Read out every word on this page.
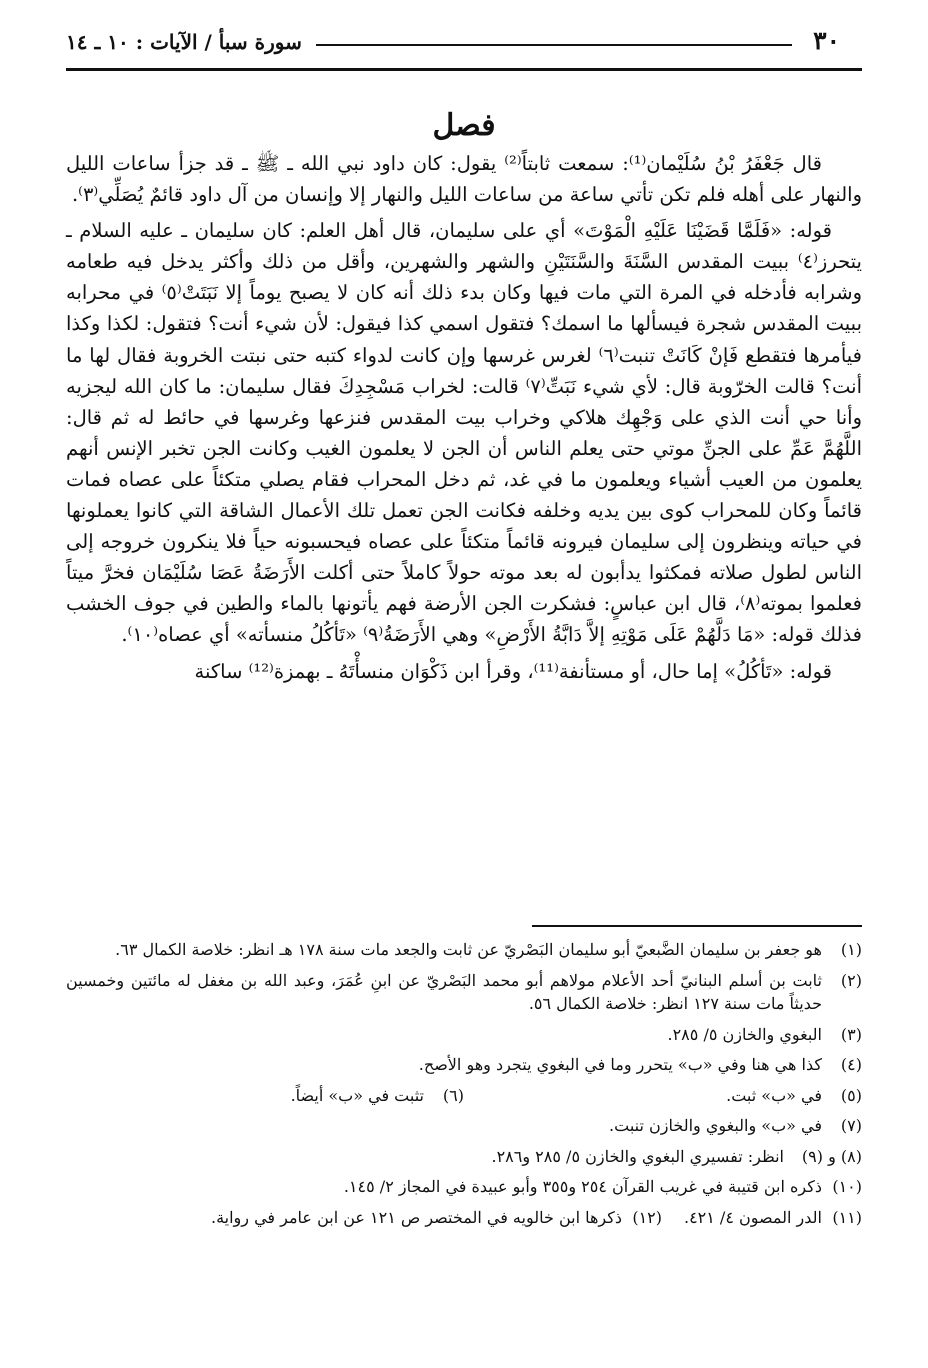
٣٠
سورة سبأ / الآيات : ١٠ ـ ١٤
فصل

قال جَعْفَرُ بْنُ سُلَيْمان⁽¹⁾: سمعت ثابتاً⁽²⁾ يقول: كان داود نبي الله ـ ﷺ ـ قد جزأ ساعات الليل والنهار على أهله فلم تكن تأتي ساعة من ساعات الليل والنهار إلا وإنسان من آل داود قائمٌ يُصَلِّي⁽٣⁾.

قوله: «فَلَمَّا قَضَيْنَا عَلَيْهِ الْمَوْتَ» أي على سليمان، قال أهل العلم: كان سليمان ـ عليه السلام ـ يتحرز⁽٤⁾ ببيت المقدس السَّنَةَ والسَّنَتَيْنِ والشهر والشهرين، وأقل من ذلك وأكثر يدخل فيه طعامه وشرابه فأدخله في المرة التي مات فيها وكان بدء ذلك أنه كان لا يصبح يوماً إلا نَبَتَتْ⁽٥⁾ في محرابه ببيت المقدس شجرة فيسألها ما اسمك؟ فتقول اسمي كذا فيقول: لأن شيء أنت؟ فتقول: لكذا وكذا فيأمرها فتقطع فَإنْ كَانَتْ تنبت⁽٦⁾ لغرس غرسها وإن كانت لدواء كتبه حتى نبتت الخروبة فقال لها ما أنت؟ قالت الخرّوبة قال: لأي شيء نَبَتِّ⁽٧⁾ قالت: لخراب مَسْجِدِكَ فقال سليمان: ما كان الله ليجزيه وأنا حي أنت الذي على وَجْهِك هلاكي وخراب بيت المقدس فنزعها وغرسها في حائط له ثم قال: اللَّهُمَّ عَمِّ على الجنِّ موتي حتى يعلم الناس أن الجن لا يعلمون الغيب وكانت الجن تخبر الإنس أنهم يعلمون من العيب أشياء ويعلمون ما في غد، ثم دخل المحراب فقام يصلي متكئاً على عصاه فمات قائماً وكان للمحراب كوى بين يديه وخلفه فكانت الجن تعمل تلك الأعمال الشاقة التي كانوا يعملونها في حياته وينظرون إلى سليمان فيرونه قائماً متكئاً على عصاه فيحسبونه حياً فلا ينكرون خروجه إلى الناس لطول صلاته فمكثوا يدأبون له بعد موته حولاً كاملاً حتى أكلت الأَرَضَةُ عَصَا سُلَيْمَان فخرَّ ميتاً فعلموا بموته⁽٨⁾، قال ابن عباسٍ: فشكرت الجن الأرضة فهم يأتونها بالماء والطين في جوف الخشب فذلك قوله: «مَا دَلَّهُمْ عَلَى مَوْتِهِ إلاَّ دَابَّةُ الأَرْضِ» وهي الأَرَضَةُ⁽٩⁾ «تَأكُلُ منسأته» أي عصاه⁽١٠⁾.

قوله: «تَأكُلُ» إما حال، أو مستأنفة⁽¹¹⁾، وقرأ ابن ذَكْوَان منسأْتَهُ ـ بهمزة⁽¹²⁾ ساكنة

(١)
هو جعفر بن سليمان الضَّبعيّ أبو سليمان البَصْريّ عن ثابت والجعد مات سنة ١٧٨ هـ انظر: خلاصة الكمال ٦٣.
(٢)
ثابت بن أسلم البنانيّ أحد الأعلام مولاهم أبو محمد البَصْريّ عن ابنِ عُمَرَ، وعبد الله بن مغفل له مائتين وخمسين حديثاً مات سنة ١٢٧ انظر: خلاصة الكمال ٥٦.
(٣)
البغوي والخازن ٥/ ٢٨٥.
(٤)
كذا هي هنا وفي «ب» يتحرر وما في البغوي يتجرد وهو الأصح.
(٥)
في «ب» ثبت.
(٦)
تثبت في «ب» أيضاً.
(٧)
في «ب» والبغوي والخازن تنبت.
(٨) و (٩)
انظر: تفسيري البغوي والخازن ٥/ ٢٨٥ و٢٨٦.
(١٠)
ذكره ابن قتيبة في غريب القرآن ٢٥٤ و٣٥٥ وأبو عبيدة في المجاز ٢/ ١٤٥.
(١١)
الدر المصون ٤/ ٤٢١.
(١٢)
ذكرها ابن خالويه في المختصر ص ١٢١ عن ابن عامر في رواية.
